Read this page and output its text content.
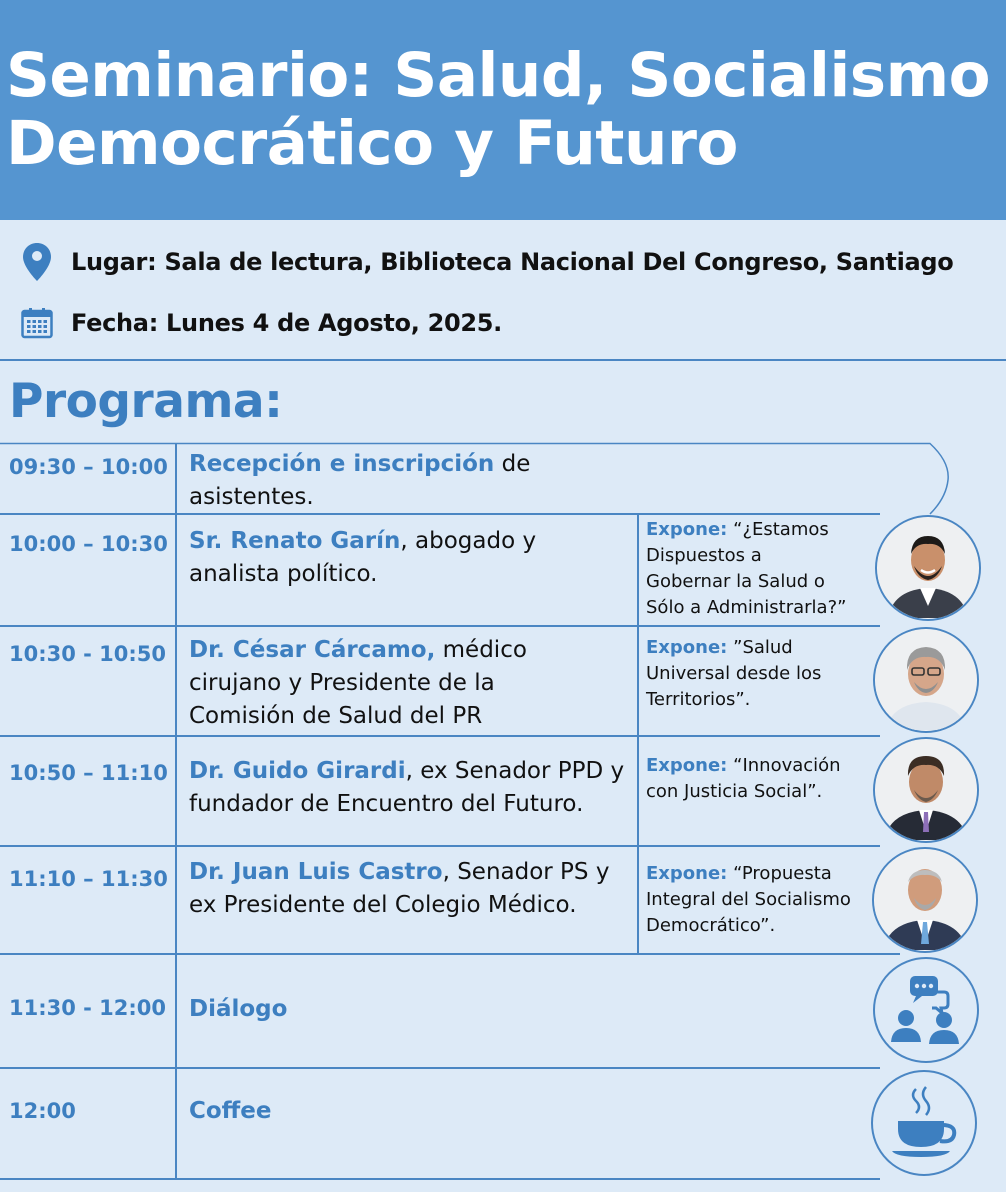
Seminario: Salud, Socialismo
Democrático y Futuro
Lugar: Sala de lectura, Biblioteca Nacional Del Congreso, Santiago
Fecha: Lunes 4 de Agosto, 2025.
Programa:
09:30 – 10:00 Recepción e inscripción de asistentes.
10:00 – 10:30 Sr. Renato Garín, abogado y analista político.
Expone: “¿Estamos Dispuestos a Gobernar la Salud o Sólo a Administrarla?”
10:30 - 10:50 Dr. César Cárcamo, médico cirujano y Presidente de la Comisión de Salud del PR
Expone: ”Salud Universal desde los Territorios”.
10:50 – 11:10 Dr. Guido Girardi, ex Senador PPD y fundador de Encuentro del Futuro.
Expone: “Innovación con Justicia Social”.
11:10 – 11:30 Dr. Juan Luis Castro, Senador PS y ex Presidente del Colegio Médico.
Expone: “Propuesta Integral del Socialismo Democrático”.
11:30 - 12:00 Diálogo
12:00	Coffee
